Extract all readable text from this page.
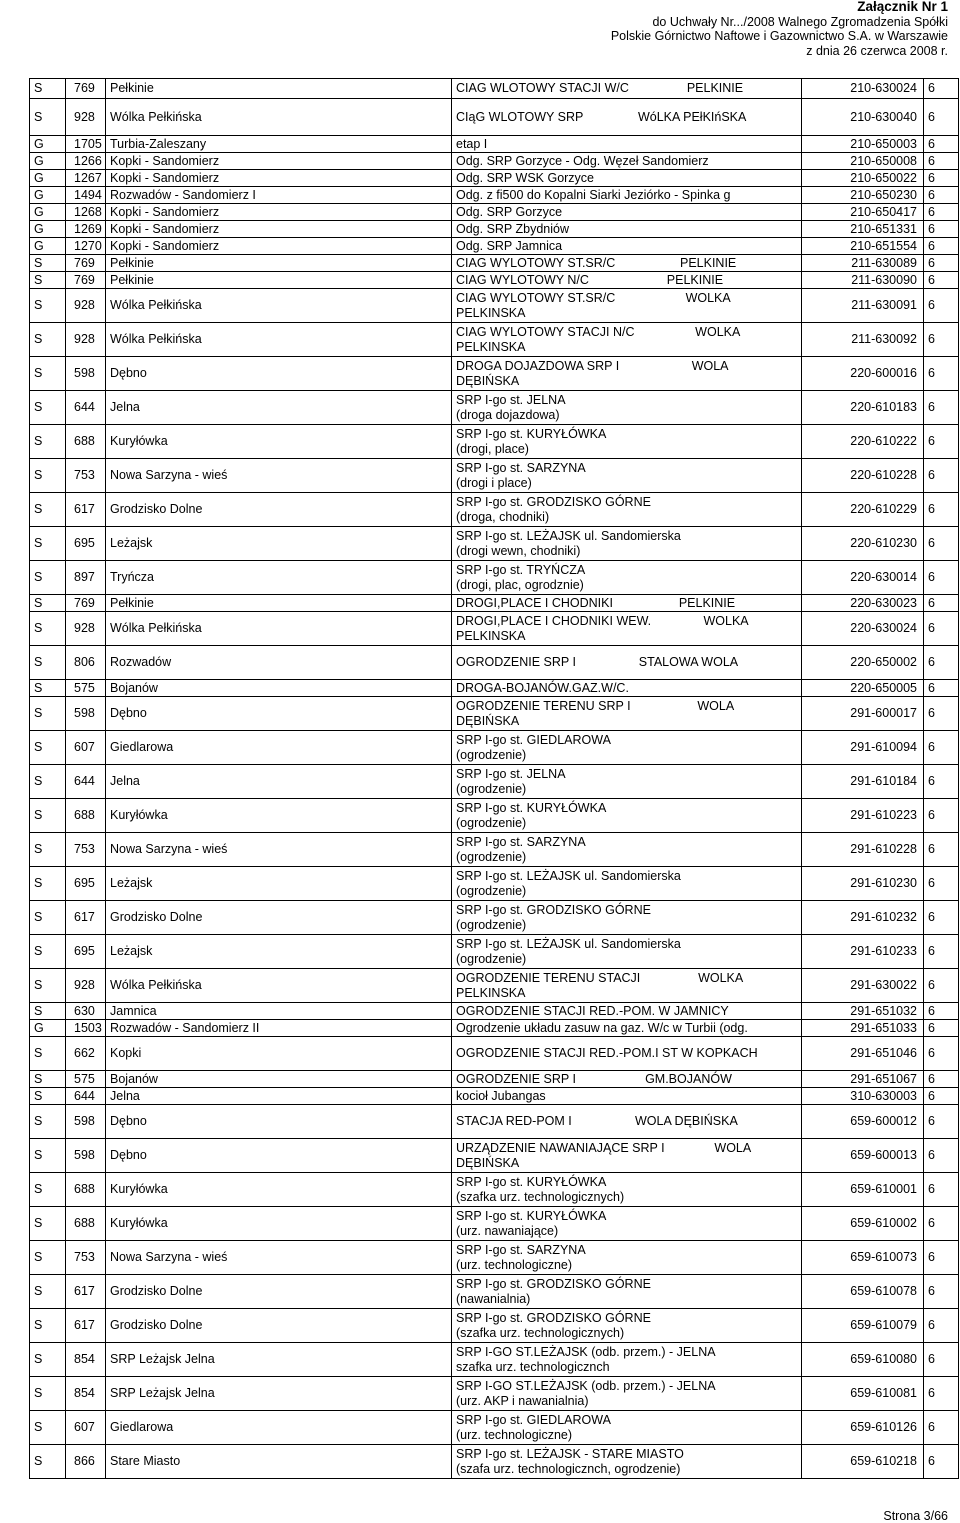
Załącznik Nr 1
do Uchwały Nr.../2008 Walnego Zgromadzenia Spółki
Polskie Górnictwo Naftowe i Gazownictwo S.A. w Warszawie
z dnia 26 czerwca 2008 r.
S	769	Pełkinie	CIAG WLOTOWY STACJI W/C PELKINIE	210-630024	6
S	928	Wólka Pełkińska	CIąG WLOTOWY SRP WóLKA PEłKIńSKA	210-630040	6
G	1705	Turbia-Zaleszany	etap I	210-650003	6
G	1266	Kopki - Sandomierz	Odg. SRP Gorzyce - Odg. Węzeł Sandomierz	210-650008	6
G	1267	Kopki - Sandomierz	Odg. SRP WSK Gorzyce	210-650022	6
G	1494	Rozwadów - Sandomierz I	Odg. z fi500 do Kopalni Siarki Jeziórko - Spinka g	210-650230	6
G	1268	Kopki - Sandomierz	Odg. SRP Gorzyce	210-650417	6
G	1269	Kopki - Sandomierz	Odg. SRP Zbydniów	210-651331	6
G	1270	Kopki - Sandomierz	Odg. SRP Jamnica	210-651554	6
S	769	Pełkinie	CIAG WYLOTOWY ST.SR/C PELKINIE	211-630089	6
S	769	Pełkinie	CIAG WYLOTOWY N/C PELKINIE	211-630090	6
S	928	Wólka Pełkińska	CIAG WYLOTOWY ST.SR/C WOLKA
PELKINSKA	211-630091	6
S	928	Wólka Pełkińska	CIAG WYLOTOWY STACJI N/C WOLKA
PELKINSKA	211-630092	6
S	598	Dębno	DROGA DOJAZDOWA SRP I WOLA
DĘBIŃSKA	220-600016	6
S	644	Jelna	SRP I-go st. JELNA
(droga dojazdowa)	220-610183	6
S	688	Kuryłówka	SRP I-go st. KURYŁÓWKA
(drogi, place)	220-610222	6
S	753	Nowa Sarzyna - wieś	SRP I-go st. SARZYNA
(drogi i place)	220-610228	6
S	617	Grodzisko Dolne	SRP I-go st. GRODZISKO GÓRNE
(droga, chodniki)	220-610229	6
S	695	Leżajsk	SRP I-go st. LEŻAJSK ul. Sandomierska
(drogi wewn, chodniki)	220-610230	6
S	897	Tryńcza	SRP I-go st. TRYŃCZA
(drogi, plac, ogrodznie)	220-630014	6
S	769	Pełkinie	DROGI,PLACE I CHODNIKI PELKINIE	220-630023	6
S	928	Wólka Pełkińska	DROGI,PLACE I CHODNIKI WEW. WOLKA
PELKINSKA	220-630024	6
S	806	Rozwadów	OGRODZENIE SRP I STALOWA WOLA	220-650002	6
S	575	Bojanów	DROGA-BOJANÓW.GAZ.W/C.	220-650005	6
S	598	Dębno	OGRODZENIE TERENU SRP I WOLA
DĘBIŃSKA	291-600017	6
S	607	Giedlarowa	SRP I-go st. GIEDLAROWA
(ogrodzenie)	291-610094	6
S	644	Jelna	SRP I-go st. JELNA
(ogrodzenie)	291-610184	6
S	688	Kuryłówka	SRP I-go st. KURYŁÓWKA
(ogrodzenie)	291-610223	6
S	753	Nowa Sarzyna - wieś	SRP I-go st. SARZYNA
(ogrodzenie)	291-610228	6
S	695	Leżajsk	SRP I-go st. LEŻAJSK ul. Sandomierska
(ogrodzenie)	291-610230	6
S	617	Grodzisko Dolne	SRP I-go st. GRODZISKO GÓRNE
(ogrodzenie)	291-610232	6
S	695	Leżajsk	SRP I-go st. LEŻAJSK ul. Sandomierska
(ogrodzenie)	291-610233	6
S	928	Wólka Pełkińska	OGRODZENIE TERENU STACJI WOLKA
PELKINSKA	291-630022	6
S	630	Jamnica	OGRODZENIE STACJI RED.-POM. W JAMNICY	291-651032	6
G	1503	Rozwadów - Sandomierz II	Ogrodzenie układu zasuw na gaz. W/c w Turbii (odg.	291-651033	6
S	662	Kopki	OGRODZENIE STACJI RED.-POM.I ST W KOPKACH	291-651046	6
S	575	Bojanów	OGRODZENIE SRP I GM.BOJANÓW	291-651067	6
S	644	Jelna	kocioł Jubangas	310-630003	6
S	598	Dębno	STACJA RED-POM I WOLA DĘBIŃSKA	659-600012	6
S	598	Dębno	URZĄDZENIE NAWANIAJĄCE SRP I WOLA
DĘBIŃSKA	659-600013	6
S	688	Kuryłówka	SRP I-go st. KURYŁÓWKA
(szafka urz. technologicznych)	659-610001	6
S	688	Kuryłówka	SRP I-go st. KURYŁÓWKA
(urz. nawaniające)	659-610002	6
S	753	Nowa Sarzyna - wieś	SRP I-go st. SARZYNA
(urz. technologiczne)	659-610073	6
S	617	Grodzisko Dolne	SRP I-go st. GRODZISKO GÓRNE
(nawanialnia)	659-610078	6
S	617	Grodzisko Dolne	SRP I-go st. GRODZISKO GÓRNE
(szafka urz. technologicznych)	659-610079	6
S	854	SRP Leżajsk Jelna	SRP I-GO ST.LEŻAJSK (odb. przem.) - JELNA
szafka urz. technologicznch	659-610080	6
S	854	SRP Leżajsk Jelna	SRP I-GO ST.LEŻAJSK (odb. przem.) - JELNA
(urz. AKP i nawanialnia)	659-610081	6
S	607	Giedlarowa	SRP I-go st. GIEDLAROWA
(urz. technologiczne)	659-610126	6
S	866	Stare Miasto	SRP I-go st. LEŻAJSK - STARE MIASTO
(szafa urz. technologicznch, ogrodzenie)	659-610218	6
Strona 3/66
